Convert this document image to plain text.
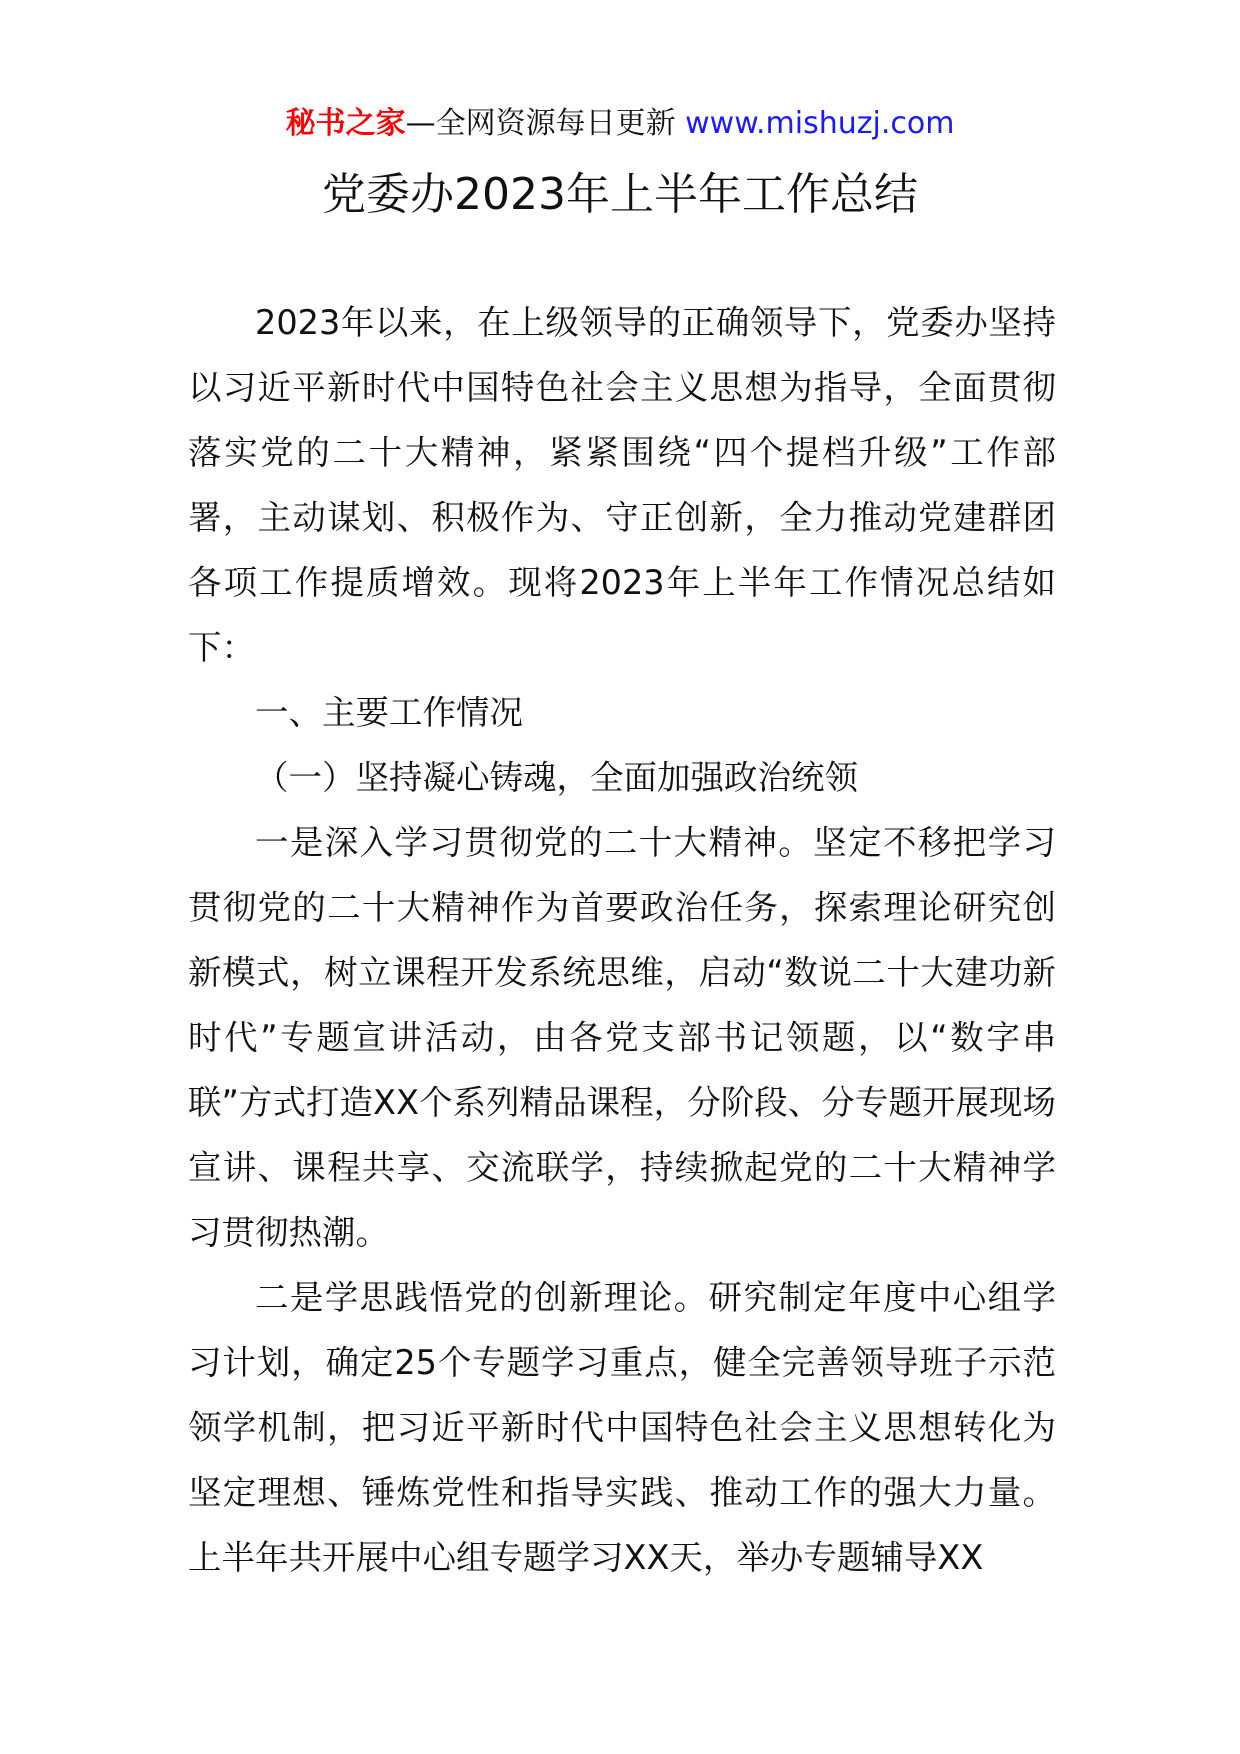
秘书之家—全网资源每日更新 www.mishuzj.com
党委办2023年上半年工作总结

2023年以来，在上级领导的正确领导下，党委办坚持以习近平新时代中国特色社会主义思想为指导，全面贯彻落实党的二十大精神，紧紧围绕“四个提档升级”工作部署，主动谋划、积极作为、守正创新，全力推动党建群团各项工作提质增效。现将2023年上半年工作情况总结如下：

一、主要工作情况

（一）坚持凝心铸魂，全面加强政治统领

一是深入学习贯彻党的二十大精神。坚定不移把学习贯彻党的二十大精神作为首要政治任务，探索理论研究创新模式，树立课程开发系统思维，启动“数说二十大建功新时代”专题宣讲活动，由各党支部书记领题，以“数字串联”方式打造XX个系列精品课程，分阶段、分专题开展现场宣讲、课程共享、交流联学，持续掀起党的二十大精神学习贯彻热潮。

二是学思践悟党的创新理论。研究制定年度中心组学习计划，确定25个专题学习重点，健全完善领导班子示范领学机制，把习近平新时代中国特色社会主义思想转化为坚定理想、锤炼党性和指导实践、推动工作的强大力量。上半年共开展中心组专题学习XX天，举办专题辅导XX
